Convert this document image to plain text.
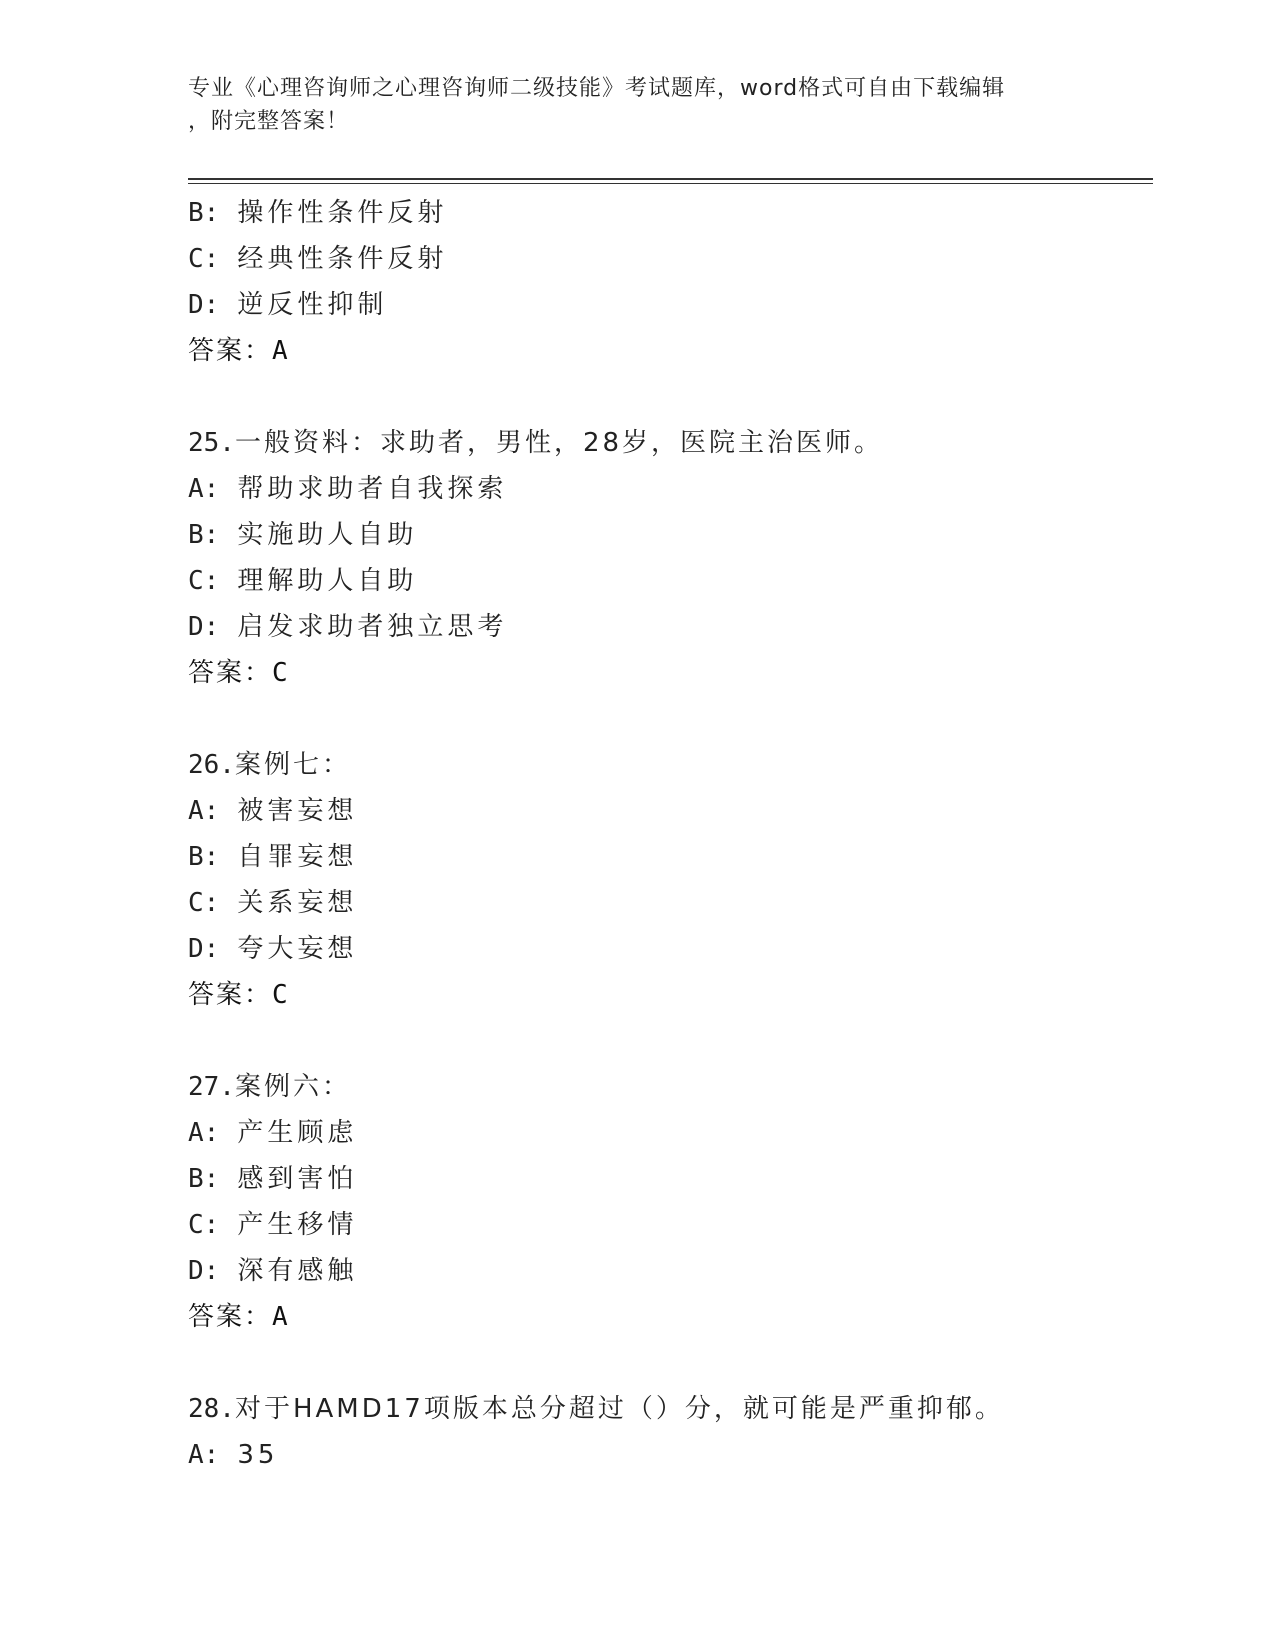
专业《心理咨询师之心理咨询师二级技能》考试题库，word格式可自由下载编辑
，附完整答案！
B: 操作性条件反射
C: 经典性条件反射
D: 逆反性抑制
答案：A
25.一般资料：求助者，男性，28岁，医院主治医师。
A: 帮助求助者自我探索
B: 实施助人自助
C: 理解助人自助
D: 启发求助者独立思考
答案：C
26.案例七：
A: 被害妄想
B: 自罪妄想
C: 关系妄想
D: 夸大妄想
答案：C
27.案例六：
A: 产生顾虑
B: 感到害怕
C: 产生移情
D: 深有感触
答案：A
28.对于HAMD17项版本总分超过（）分，就可能是严重抑郁。
A: 35
